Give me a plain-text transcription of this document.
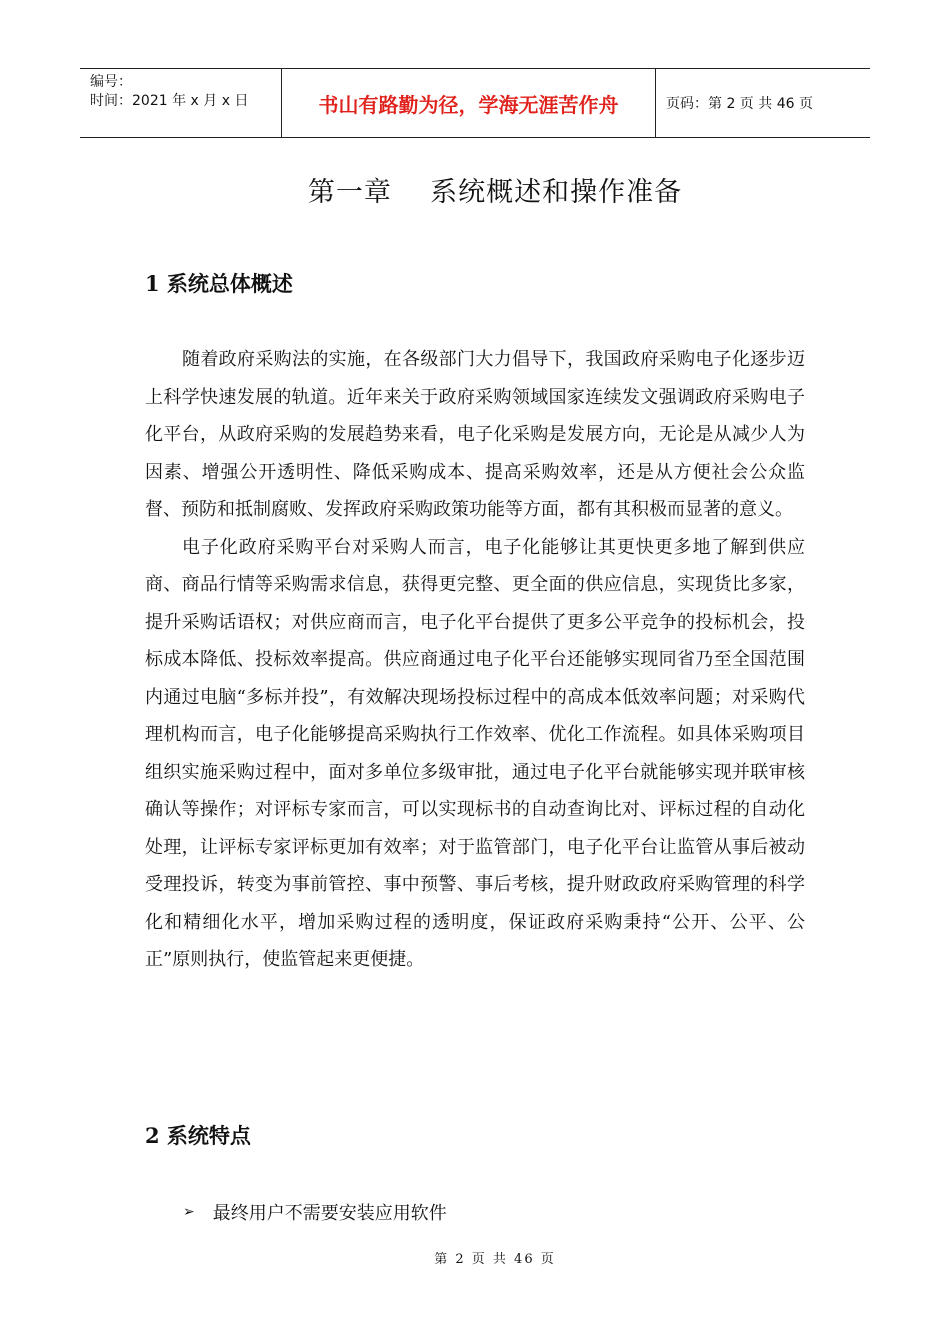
编号：
时间：2021 年 x 月 x 日	书山有路勤为径，学海无涯苦作舟	页码：第 2 页 共 46 页
第一章    系统概述和操作准备
1 系统总体概述

随着政府采购法的实施，在各级部门大力倡导下，我国政府采购电子化逐步迈上科学快速发展的轨道。近年来关于政府采购领域国家连续发文强调政府采购电子化平台，从政府采购的发展趋势来看，电子化采购是发展方向，无论是从减少人为因素、增强公开透明性、降低采购成本、提高采购效率，还是从方便社会公众监督、预防和抵制腐败、发挥政府采购政策功能等方面，都有其积极而显著的意义。

电子化政府采购平台对采购人而言，电子化能够让其更快更多地了解到供应商、商品行情等采购需求信息，获得更完整、更全面的供应信息，实现货比多家，提升采购话语权；对供应商而言，电子化平台提供了更多公平竞争的投标机会，投标成本降低、投标效率提高。供应商通过电子化平台还能够实现同省乃至全国范围内通过电脑“多标并投”，有效解决现场投标过程中的高成本低效率问题；对采购代理机构而言，电子化能够提高采购执行工作效率、优化工作流程。如具体采购项目组织实施采购过程中，面对多单位多级审批，通过电子化平台就能够实现并联审核确认等操作；对评标专家而言，可以实现标书的自动查询比对、评标过程的自动化处理，让评标专家评标更加有效率；对于监管部门，电子化平台让监管从事后被动受理投诉，转变为事前管控、事中预警、事后考核，提升财政政府采购管理的科学化和精细化水平，增加采购过程的透明度，保证政府采购秉持“公开、公平、公正”原则执行，使监管起来更便捷。

2 系统特点
➢ 最终用户不需要安装应用软件
第 2 页 共 46 页
